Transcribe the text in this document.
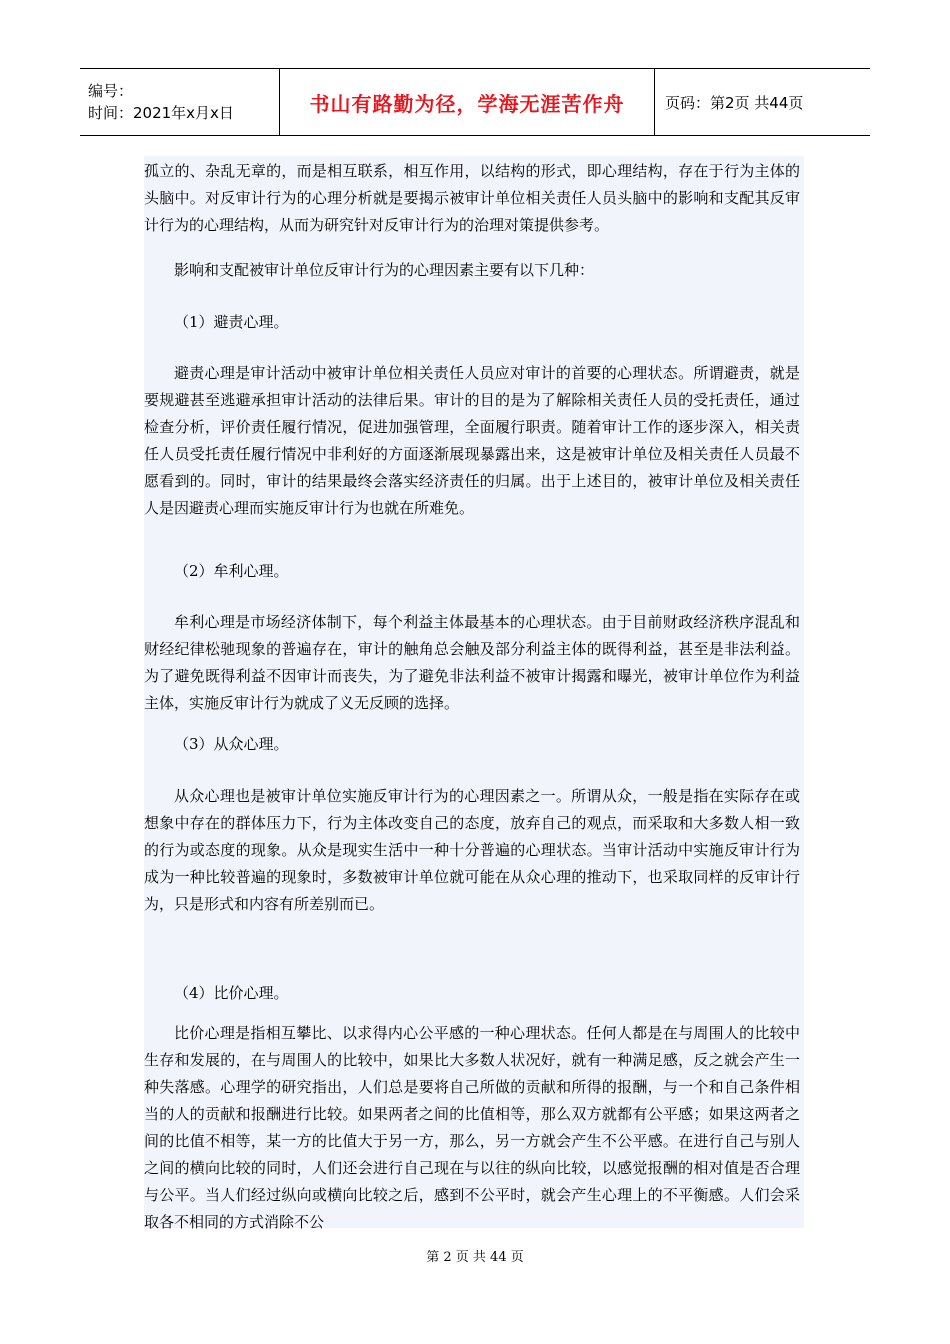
编号：
时间：2021年x月x日	书山有路勤为径，学海无涯苦作舟	页码：第2页 共44页

孤立的、杂乱无章的，而是相互联系，相互作用，以结构的形式，即心理结构，存在于行为主体的头脑中。对反审计行为的心理分析就是要揭示被审计单位相关责任人员头脑中的影响和支配其反审计行为的心理结构，从而为研究针对反审计行为的治理对策提供参考。

影响和支配被审计单位反审计行为的心理因素主要有以下几种：

（1）避责心理。

避责心理是审计活动中被审计单位相关责任人员应对审计的首要的心理状态。所谓避责，就是要规避甚至逃避承担审计活动的法律后果。审计的目的是为了解除相关责任人员的受托责任，通过检查分析，评价责任履行情况，促进加强管理，全面履行职责。随着审计工作的逐步深入，相关责任人员受托责任履行情况中非利好的方面逐渐展现暴露出来，这是被审计单位及相关责任人员最不愿看到的。同时，审计的结果最终会落实经济责任的归属。出于上述目的，被审计单位及相关责任人是因避责心理而实施反审计行为也就在所难免。

（2）牟利心理。

牟利心理是市场经济体制下，每个利益主体最基本的心理状态。由于目前财政经济秩序混乱和财经纪律松驰现象的普遍存在，审计的触角总会触及部分利益主体的既得利益，甚至是非法利益。为了避免既得利益不因审计而丧失，为了避免非法利益不被审计揭露和曝光，被审计单位作为利益主体，实施反审计行为就成了义无反顾的选择。

（3）从众心理。

从众心理也是被审计单位实施反审计行为的心理因素之一。所谓从众，一般是指在实际存在或想象中存在的群体压力下，行为主体改变自己的态度，放弃自己的观点，而采取和大多数人相一致的行为或态度的现象。从众是现实生活中一种十分普遍的心理状态。当审计活动中实施反审计行为成为一种比较普遍的现象时，多数被审计单位就可能在从众心理的推动下，也采取同样的反审计行为，只是形式和内容有所差别而已。

（4）比价心理。

比价心理是指相互攀比、以求得内心公平感的一种心理状态。任何人都是在与周围人的比较中生存和发展的，在与周围人的比较中，如果比大多数人状况好，就有一种满足感，反之就会产生一种失落感。心理学的研究指出，人们总是要将自己所做的贡献和所得的报酬，与一个和自己条件相当的人的贡献和报酬进行比较。如果两者之间的比值相等，那么双方就都有公平感；如果这两者之间的比值不相等，某一方的比值大于另一方，那么，另一方就会产生不公平感。在进行自己与别人之间的横向比较的同时，人们还会进行自己现在与以往的纵向比较，以感觉报酬的相对值是否合理与公平。当人们经过纵向或横向比较之后，感到不公平时，就会产生心理上的不平衡感。人们会采取各不相同的方式消除不公

第 2 页 共 44 页
